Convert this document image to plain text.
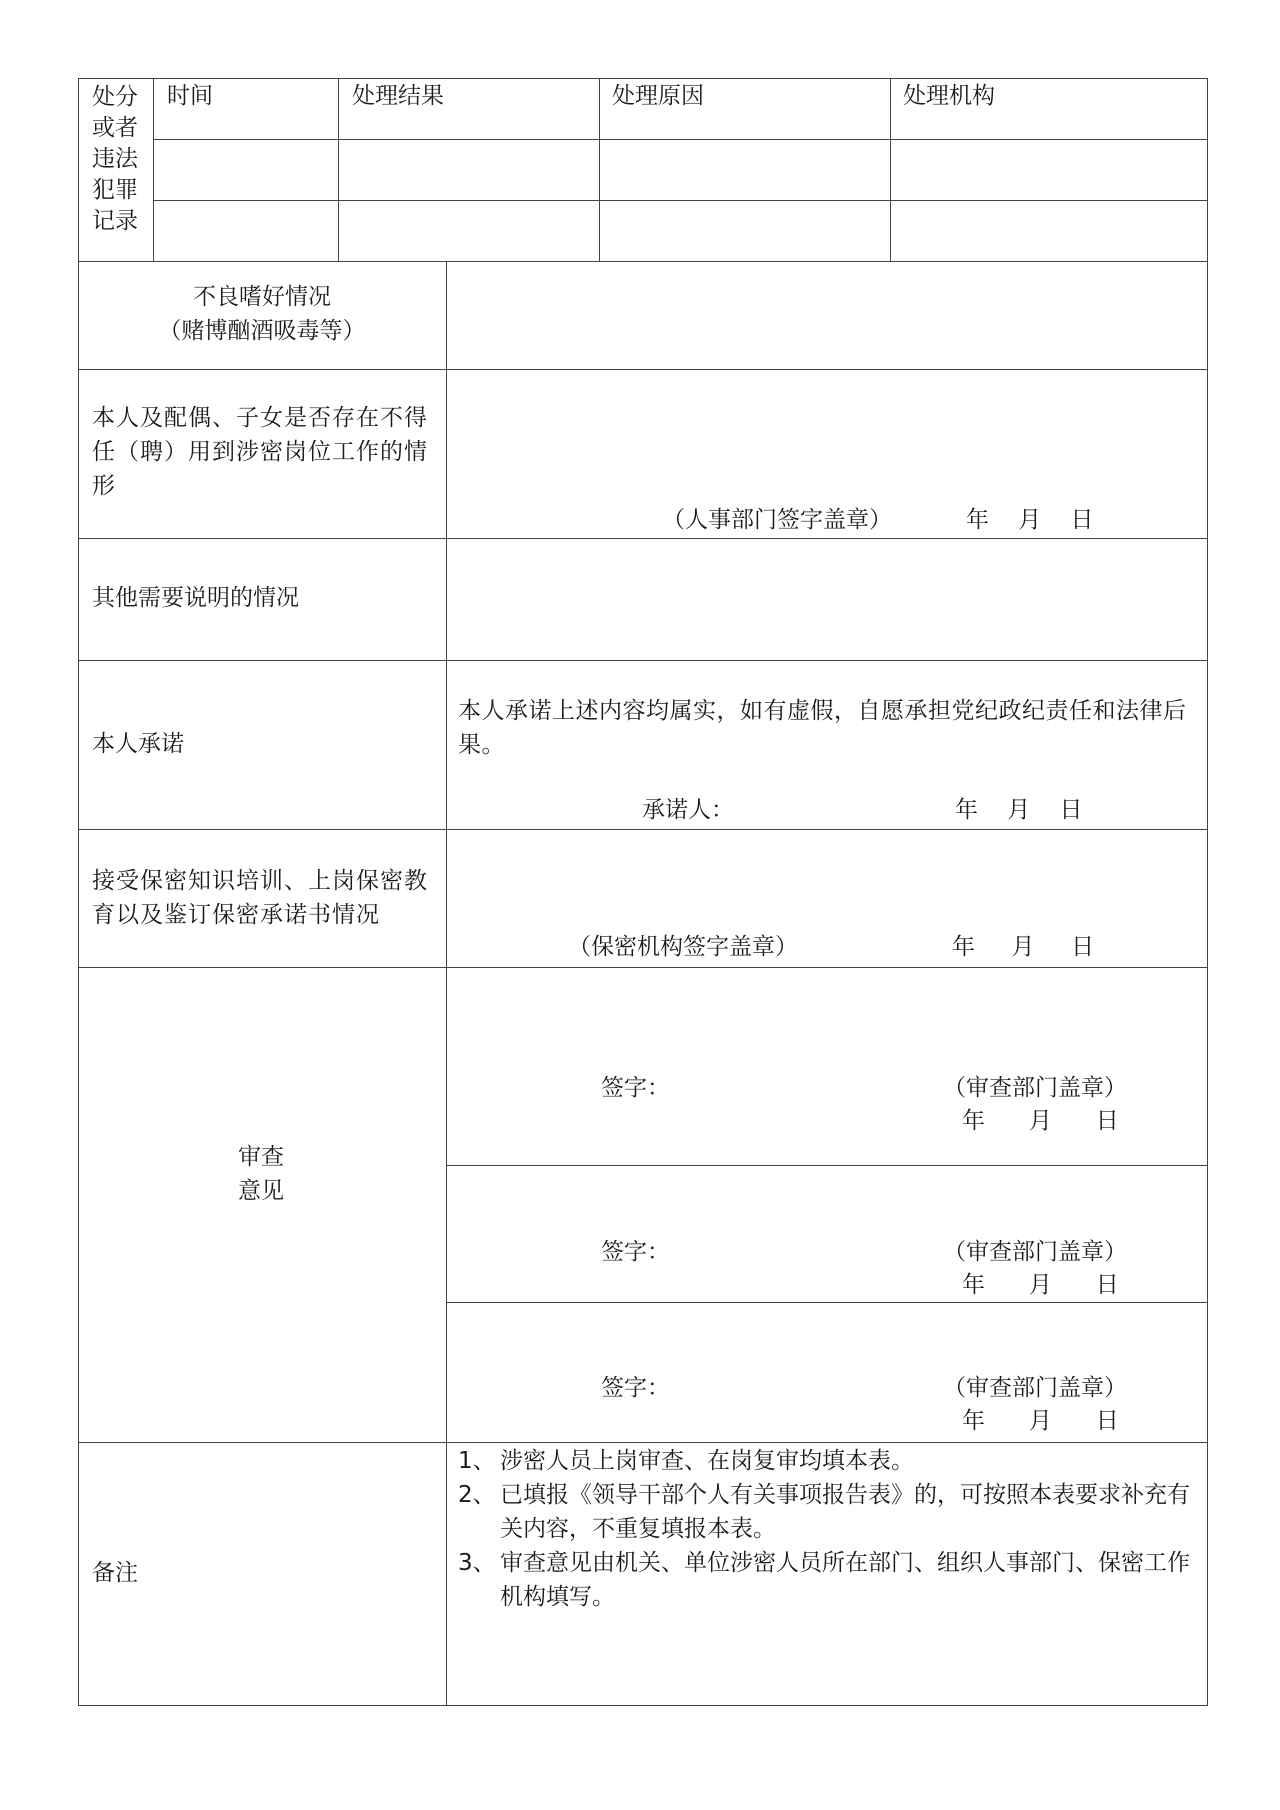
处分或者违法犯罪记录
时间	处理结果	处理原因	处理机构
不良嗜好情况
（赌博酗酒吸毒等）
本人及配偶、子女是否存在不得任（聘）用到涉密岗位工作的情形
（人事部门签字盖章）	年    月    日
其他需要说明的情况
本人承诺
本人承诺上述内容均属实，如有虚假，自愿承担党纪政纪责任和法律后果。
承诺人：	年    月    日
接受保密知识培训、上岗保密教育以及鉴订保密承诺书情况
（保密机构签字盖章）	年     月     日
审查意见
签字：	（审查部门盖章）
年      月      日
签字：	（审查部门盖章）
年      月      日
签字：	（审查部门盖章）
年      月      日
备注
1、 涉密人员上岗审查、在岗复审均填本表。
2、 已填报《领导干部个人有关事项报告表》的，可按照本表要求补充有关内容，不重复填报本表。
3、 审查意见由机关、单位涉密人员所在部门、组织人事部门、保密工作机构填写。
